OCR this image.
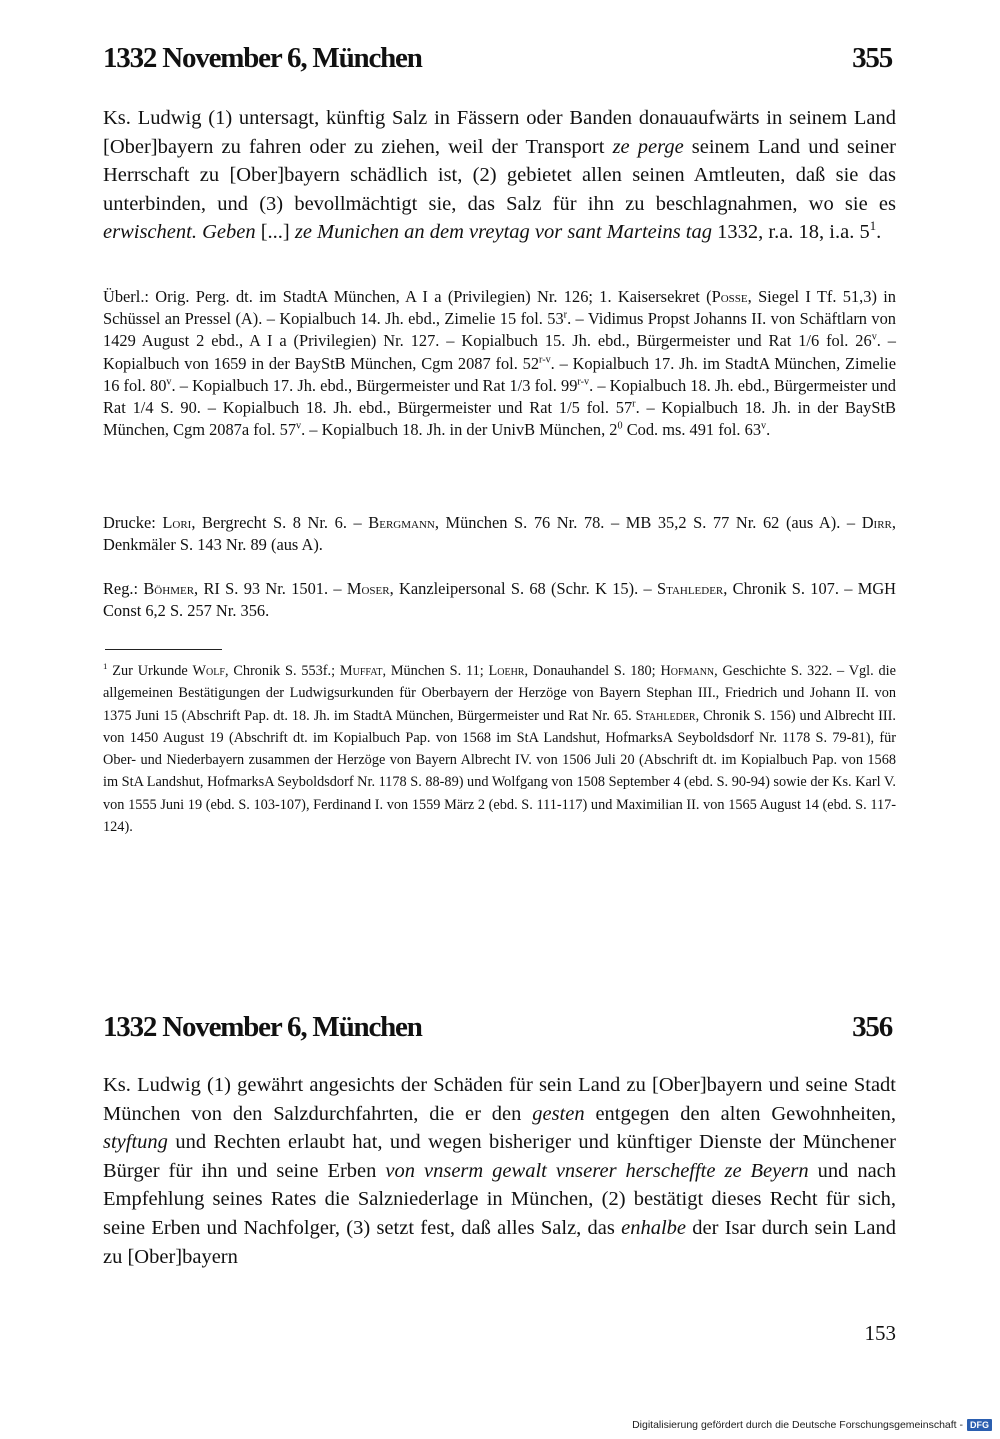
1332 November 6, München	355

Ks. Ludwig (1) untersagt, künftig Salz in Fässern oder Banden donauaufwärts in seinem Land [Ober]bayern zu fahren oder zu ziehen, weil der Transport ze perge seinem Land und seiner Herrschaft zu [Ober]bayern schädlich ist, (2) gebietet allen seinen Amtleuten, daß sie das unterbinden, und (3) bevollmächtigt sie, das Salz für ihn zu beschlagnahmen, wo sie es erwischent. Geben [...] ze Munichen an dem vreytag vor sant Marteins tag 1332, r.a. 18, i.a. $5^1$.

Überl.: Orig. Perg. dt. im StadtA München, A I a (Privilegien) Nr. 126; 1. Kaisersekret (Posse, Siegel I Tf. 51,3) in Schüssel an Pressel (A). – Kopialbuch 14. Jh. ebd., Zimelie 15 fol. 53$^r$. – Vidimus Propst Johanns II. von Schäftlarn von 1429 August 2 ebd., A I a (Privilegien) Nr. 127. – Kopialbuch 15. Jh. ebd., Bürgermeister und Rat 1/6 fol. 26$^v$. – Kopialbuch von 1659 in der BayStB München, Cgm 2087 fol. 52$^{r-v}$. – Kopialbuch 17. Jh. im StadtA München, Zimelie 16 fol. 80$^v$. – Kopialbuch 17. Jh. ebd., Bürgermeister und Rat 1/3 fol. 99$^{r-v}$. – Kopialbuch 18. Jh. ebd., Bürgermeister und Rat 1/4 S. 90. – Kopialbuch 18. Jh. ebd., Bürgermeister und Rat 1/5 fol. 57$^r$. – Kopialbuch 18. Jh. in der BayStB München, Cgm 2087a fol. 57$^v$. – Kopialbuch 18. Jh. in der UnivB München, $2^0$ Cod. ms. 491 fol. 63$^v$.

Drucke: Lori, Bergrecht S. 8 Nr. 6. – Bergmann, München S. 76 Nr. 78. – MB 35,2 S. 77 Nr. 62 (aus A). – Dirr, Denkmäler S. 143 Nr. 89 (aus A).

Reg.: Böhmer, RI S. 93 Nr. 1501. – Moser, Kanzleipersonal S. 68 (Schr. K 15). – Stahleder, Chronik S. 107. – MGH Const 6,2 S. 257 Nr. 356.

$^1$ Zur Urkunde Wolf, Chronik S. 553f.; Muffat, München S. 11; Loehr, Donauhandel S. 180; Hofmann, Geschichte S. 322. – Vgl. die allgemeinen Bestätigungen der Ludwigsurkunden für Oberbayern der Herzöge von Bayern Stephan III., Friedrich und Johann II. von 1375 Juni 15 (Abschrift Pap. dt. 18. Jh. im StadtA München, Bürgermeister und Rat Nr. 65. Stahleder, Chronik S. 156) und Albrecht III. von 1450 August 19 (Abschrift dt. im Kopialbuch Pap. von 1568 im StA Landshut, HofmarksA Seyboldsdorf Nr. 1178 S. 79-81), für Ober- und Niederbayern zusammen der Herzöge von Bayern Albrecht IV. von 1506 Juli 20 (Abschrift dt. im Kopialbuch Pap. von 1568 im StA Landshut, HofmarksA Seyboldsdorf Nr. 1178 S. 88-89) und Wolfgang von 1508 September 4 (ebd. S. 90-94) sowie der Ks. Karl V. von 1555 Juni 19 (ebd. S. 103-107), Ferdinand I. von 1559 März 2 (ebd. S. 111-117) und Maximilian II. von 1565 August 14 (ebd. S. 117-124).

1332 November 6, München	356

Ks. Ludwig (1) gewährt angesichts der Schäden für sein Land zu [Ober]bayern und seine Stadt München von den Salzdurchfahrten, die er den gesten entgegen den alten Gewohnheiten, styftung und Rechten erlaubt hat, und wegen bisheriger und künftiger Dienste der Münchener Bürger für ihn und seine Erben von vnserm gewalt vnserer herscheffte ze Beyern und nach Empfehlung seines Rates die Salzniederlage in München, (2) bestätigt dieses Recht für sich, seine Erben und Nachfolger, (3) setzt fest, daß alles Salz, das enhalbe der Isar durch sein Land zu [Ober]bayern

153
Digitalisierung gefördert durch die Deutsche Forschungsgemeinschaft - DFG
